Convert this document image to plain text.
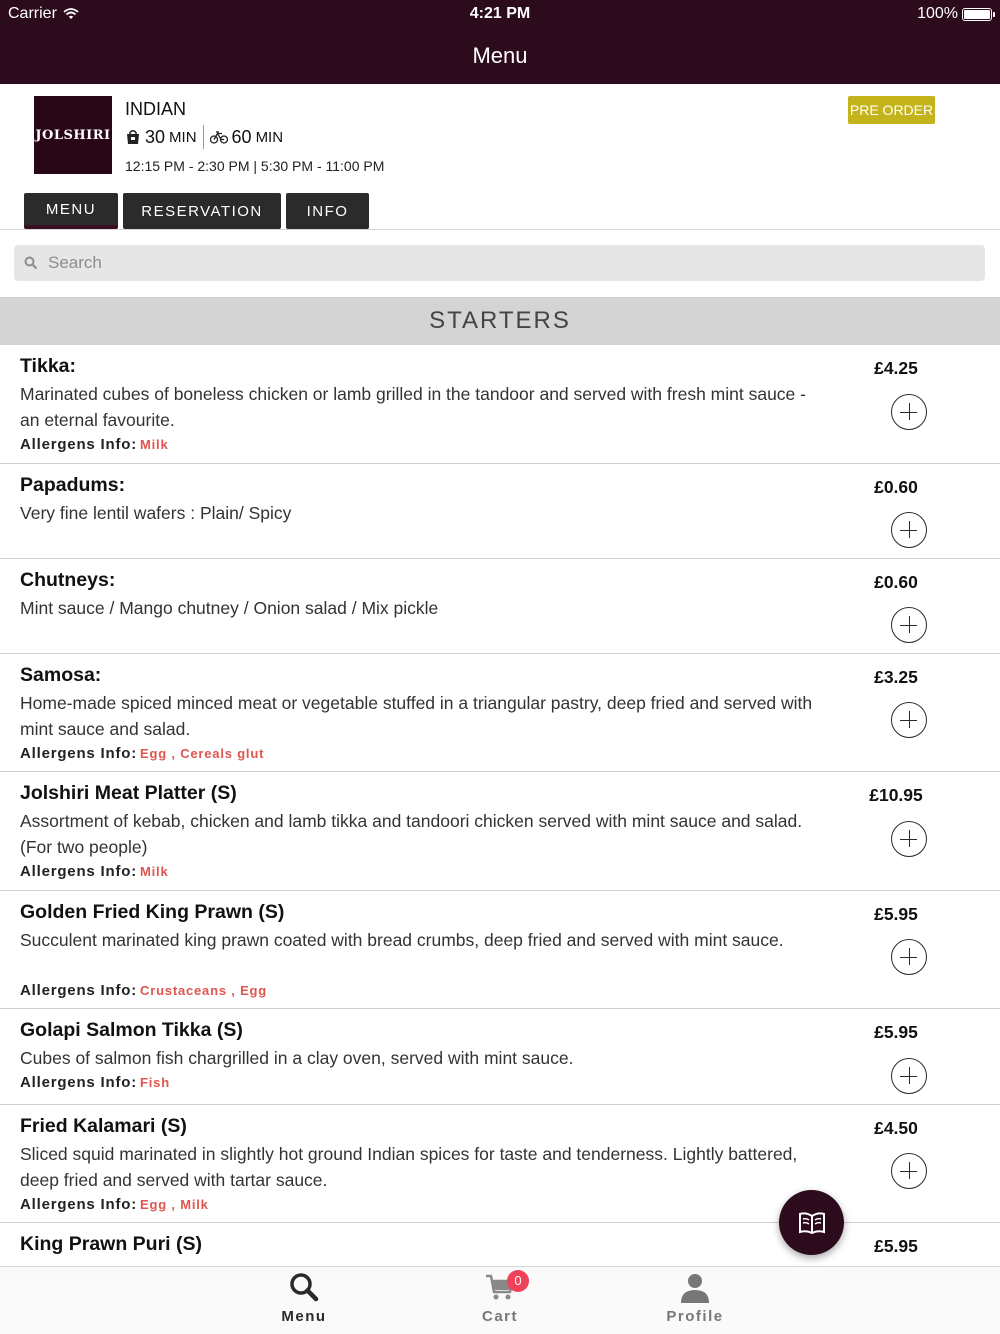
Carrier	4:21 PM	100%
Menu
JOLSHIRI
INDIAN
30 MIN 60 MIN
12:15 PM - 2:30 PM | 5:30 PM - 11:00 PM
PRE ORDER
MENU	RESERVATION	INFO
Search
STARTERS
Tikka:
Marinated cubes of boneless chicken or lamb grilled in the tandoor and served with fresh mint sauce - an eternal favourite.
Allergens Info: Milk
£4.25
Papadums:
Very fine lentil wafers : Plain/ Spicy
£0.60
Chutneys:
Mint sauce / Mango chutney / Onion salad / Mix pickle
£0.60
Samosa:
Home-made spiced minced meat or vegetable stuffed in a triangular pastry, deep fried and served with mint sauce and salad.
Allergens Info: Egg , Cereals glut
£3.25
Jolshiri Meat Platter (S)
Assortment of kebab, chicken and lamb tikka and tandoori chicken served with mint sauce and salad. (For two people)
Allergens Info: Milk
£10.95
Golden Fried King Prawn (S)
Succulent marinated king prawn coated with bread crumbs, deep fried and served with mint sauce.
Allergens Info: Crustaceans , Egg
£5.95
Golapi Salmon Tikka (S)
Cubes of salmon fish chargrilled in a clay oven, served with mint sauce.
Allergens Info: Fish
£5.95
Fried Kalamari (S)
Sliced squid marinated in slightly hot ground Indian spices for taste and tenderness. Lightly battered, deep fried and served with tartar sauce.
Allergens Info: Egg , Milk
£4.50
King Prawn Puri (S)	£5.95
Menu
0
Cart	Profile
